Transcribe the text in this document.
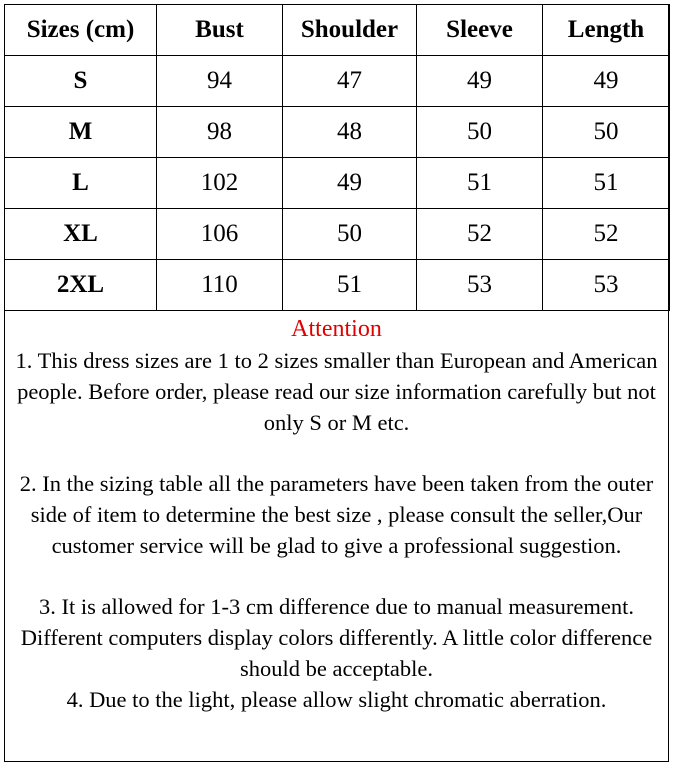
Sizes (cm)	Bust	Shoulder	Sleeve	Length
S	94	47	49	49
M	98	48	50	50
L	102	49	51	51
XL	106	50	52	52
2XL	110	51	53	53
Attention
1. This dress sizes are 1 to 2 sizes smaller than European and American people. Before order, please read our size information carefully but not only S or M etc.
2. In the sizing table all the parameters have been taken from the outer side of item to determine the best size , please consult the seller,Our customer service will be glad to give a professional suggestion.
3. It is allowed for 1-3 cm difference due to manual measurement. Different computers display colors differently. A little color difference should be acceptable.
4. Due to the light, please allow slight chromatic aberration.
